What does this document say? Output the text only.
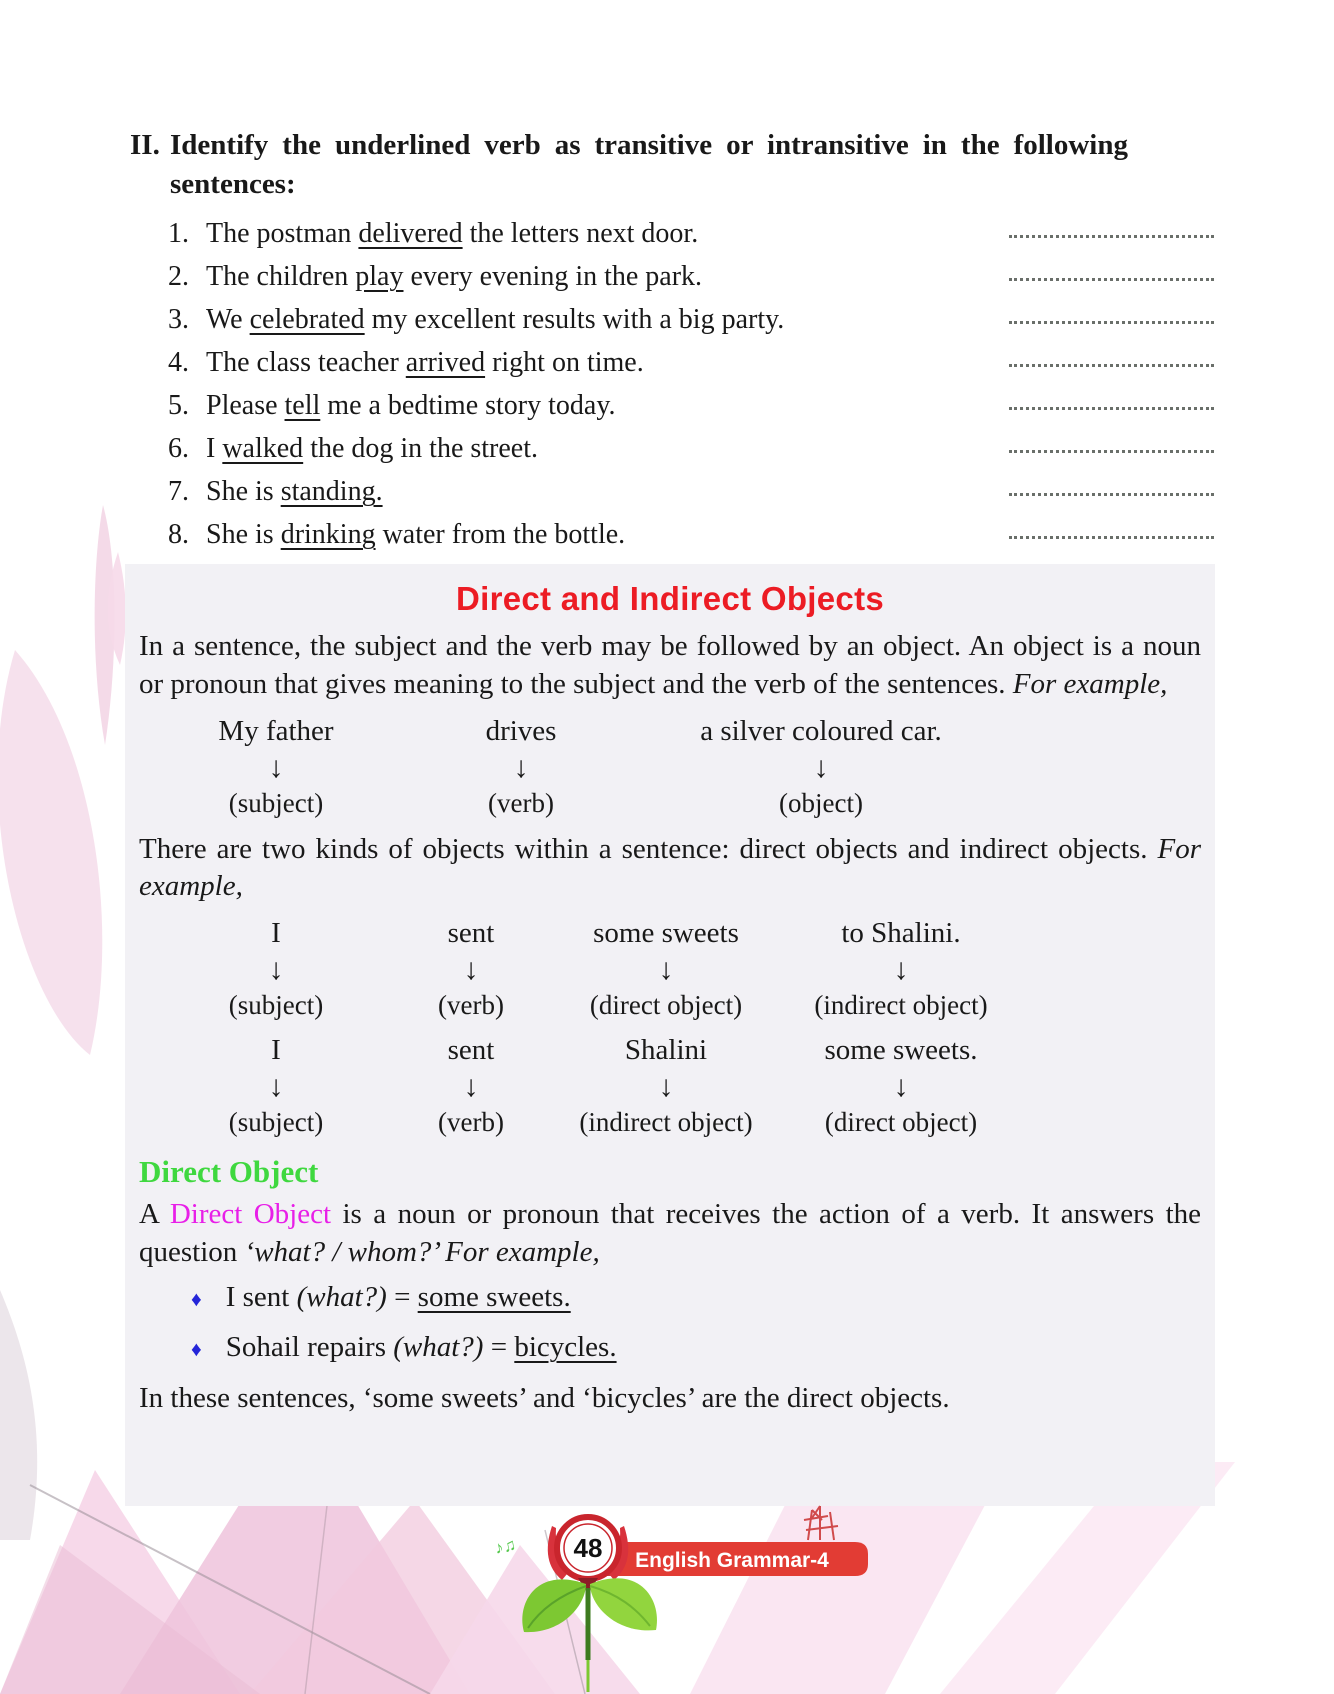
II. Identify the underlined verb as transitive or intransitive in the following sentences:
1. The postman delivered the letters next door.
2. The children play every evening in the park.
3. We celebrated my excellent results with a big party.
4. The class teacher arrived right on time.
5. Please tell me a bedtime story today.
6. I walked the dog in the street.
7. She is standing.
8. She is drinking water from the bottle.
Direct and Indirect Objects

In a sentence, the subject and the verb may be followed by an object. An object is a noun or pronoun that gives meaning to the subject and the verb of the sentences. For example,

My father	drives	a silver coloured car.
↓	↓	↓
(subject)	(verb)	(object)

There are two kinds of objects within a sentence: direct objects and indirect objects. For example,

I	sent	some sweets	to Shalini.
↓	↓	↓	↓
(subject)	(verb)	(direct object)	(indirect object)
I	sent	Shalini	some sweets.
↓	↓	↓	↓
(subject)	(verb)	(indirect object)	(direct object)
Direct Object

A Direct Object is a noun or pronoun that receives the action of a verb. It answers the question ‘what? / whom?’ For example,

♦ I sent (what?) = some sweets.
♦ Sohail repairs (what?) = bicycles.
In these sentences, ‘some sweets’ and ‘bicycles’ are the direct objects.
♪♫
English Grammar-4
48
